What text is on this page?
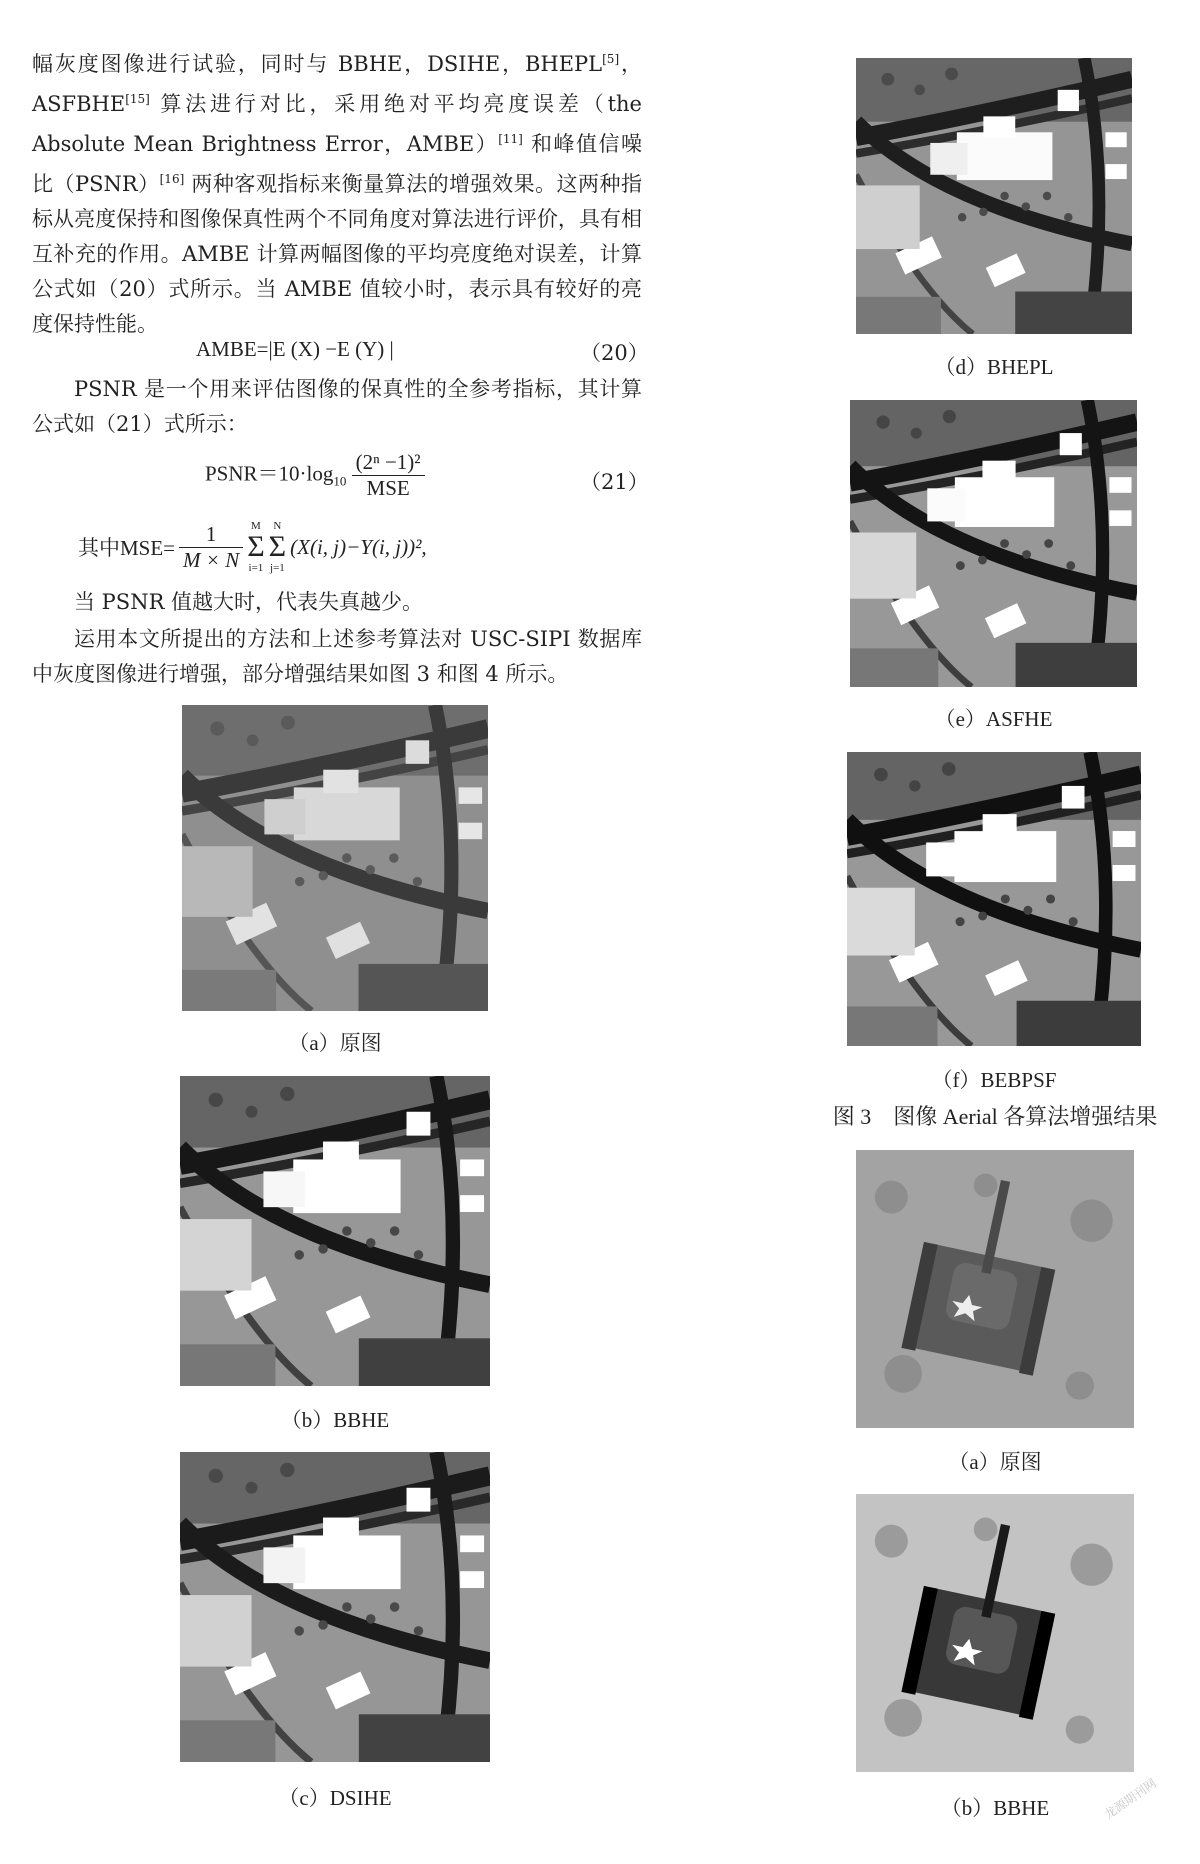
幅灰度图像进行试验，同时与 BBHE，DSIHE，BHEPL[5]，ASFBHE[15] 算法进行对比，采用绝对平均亮度误差（the Absolute Mean Brightness Error，AMBE）[11] 和峰值信噪比（PSNR）[16] 两种客观指标来衡量算法的增强效果。这两种指标从亮度保持和图像保真性两个不同角度对算法进行评价，具有相互补充的作用。AMBE 计算两幅图像的平均亮度绝对误差，计算公式如（20）式所示。当 AMBE 值较小时，表示具有较好的亮度保持性能。
AMBE=|E (X) −E (Y) |	（20）
PSNR 是一个用来评估图像的保真性的全参考指标，其计算公式如（21）式所示：
$PSNR=10\cdot\log_{10} \frac{\text{(2ⁿ −1)²}}{\text{MSE}}$	（21）
其中$MSE= \frac{1}{M \times N}$ M
Σ
i=1
N
Σ
j=1
(X(i, j)−Y(i, j))²,
当 PSNR 值越大时，代表失真越少。
运用本文所提出的方法和上述参考算法对 USC-SIPI 数据库中灰度图像进行增强，部分增强结果如图 3 和图 4 所示。
（a）原图
（b）BBHE
（c）DSIHE
（d）BHEPL
（e）ASFHE
（f）BEBPSF
图 3　图像 Aerial 各算法增强结果
（a）原图
（b）BBHE	龙源期刊网
